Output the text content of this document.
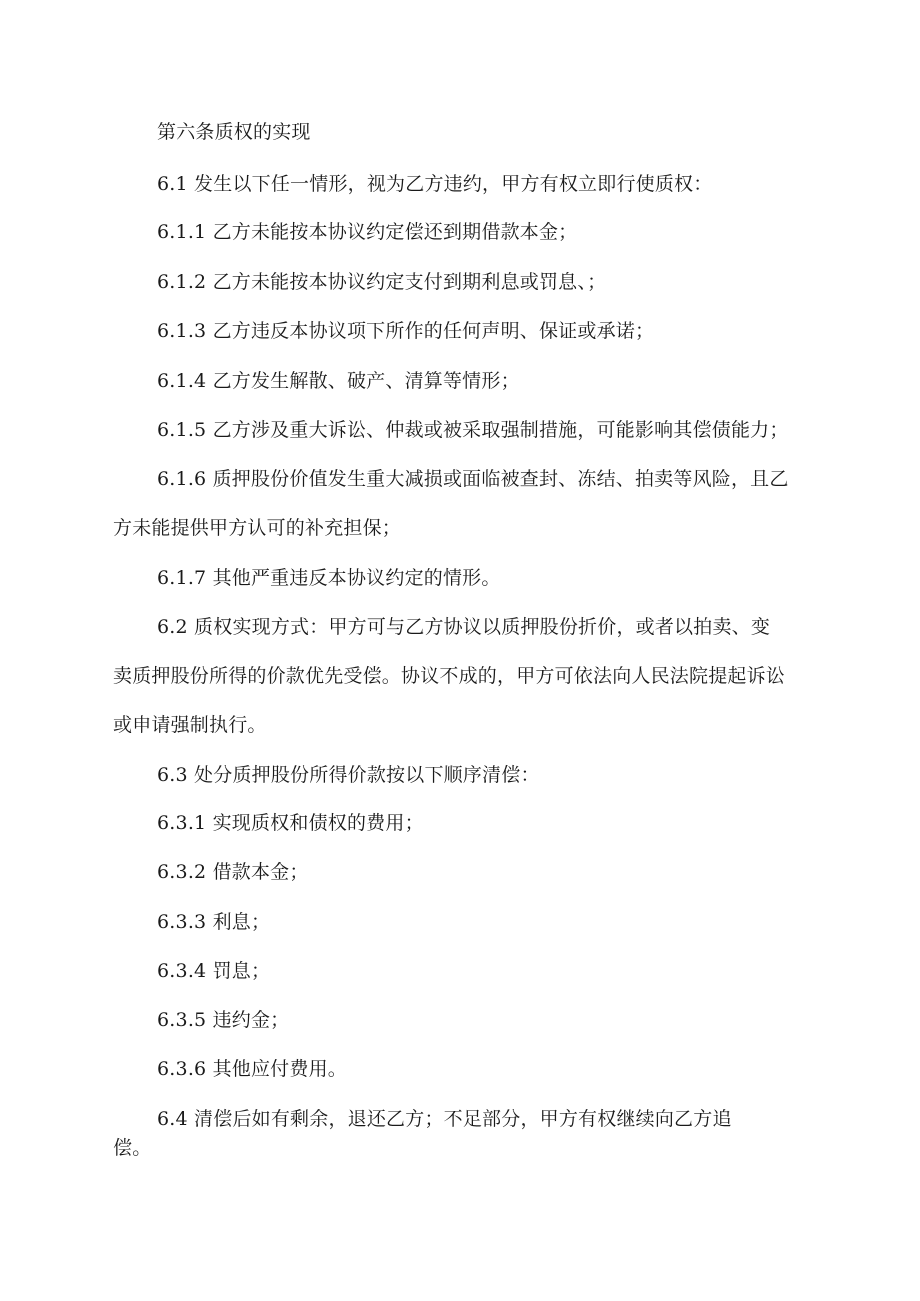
第六条质权的实现
6.1 发生以下任一情形，视为乙方违约，甲方有权立即行使质权：
6.1.1 乙方未能按本协议约定偿还到期借款本金；
6.1.2 乙方未能按本协议约定支付到期利息或罚息、；
6.1.3 乙方违反本协议项下所作的任何声明、保证或承诺；
6.1.4 乙方发生解散、破产、清算等情形；
6.1.5 乙方涉及重大诉讼、仲裁或被采取强制措施，可能影响其偿债能力；
6.1.6 质押股份价值发生重大减损或面临被查封、冻结、拍卖等风险，且乙
方未能提供甲方认可的补充担保；
6.1.7 其他严重违反本协议约定的情形。
6.2 质权实现方式：甲方可与乙方协议以质押股份折价，或者以拍卖、变
卖质押股份所得的价款优先受偿。协议不成的，甲方可依法向人民法院提起诉讼
或申请强制执行。
6.3 处分质押股份所得价款按以下顺序清偿：
6.3.1 实现质权和债权的费用；
6.3.2 借款本金；
6.3.3 利息；
6.3.4 罚息；
6.3.5 违约金；
6.3.6 其他应付费用。
6.4 清偿后如有剩余，退还乙方；不足部分，甲方有权继续向乙方追
偿。
